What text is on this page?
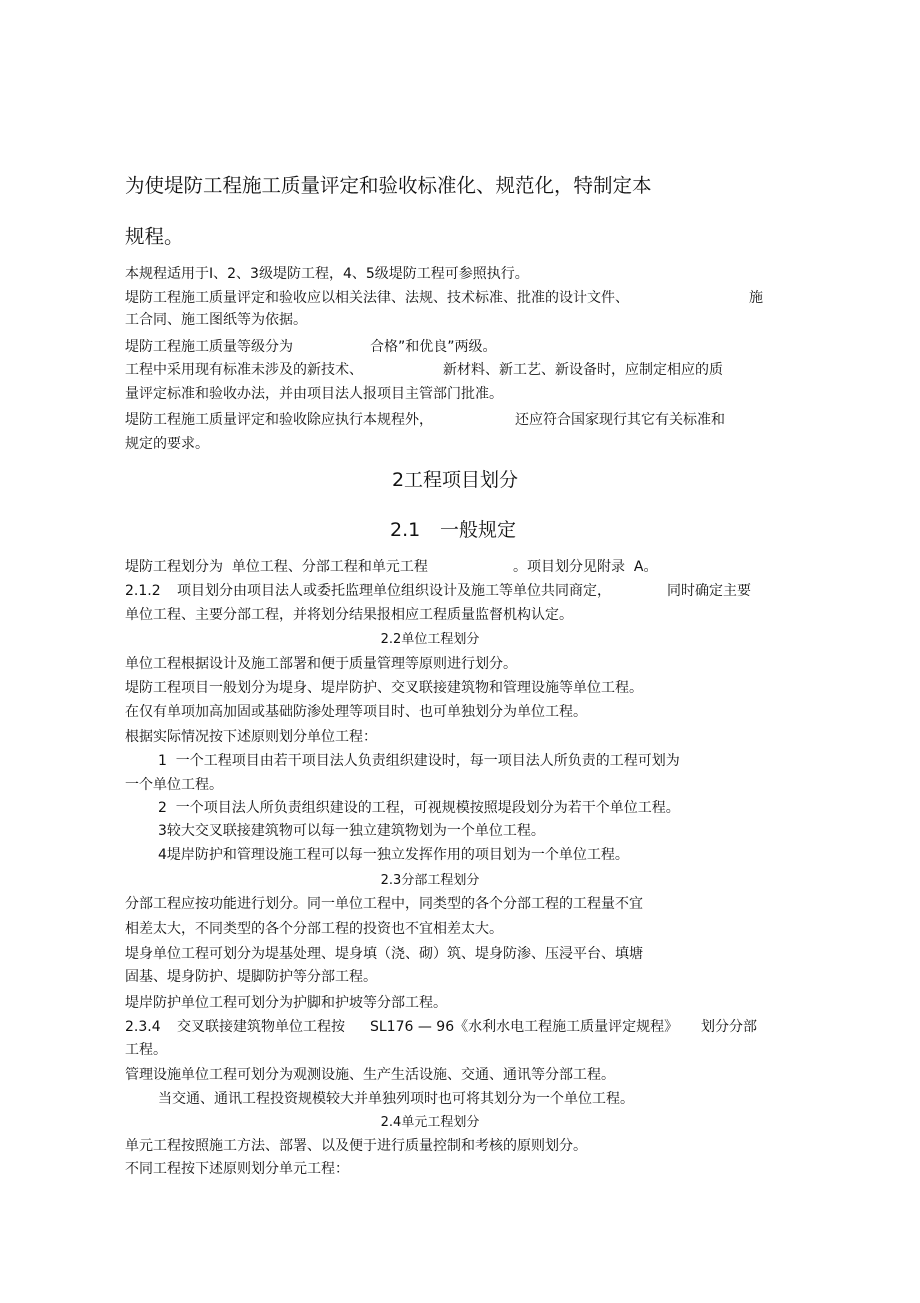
为使堤防工程施工质量评定和验收标准化、规范化，特制定本
规程。
本规程适用于I、2、3级堤防工程，4、5级堤防工程可参照执行。

堤防工程施工质量评定和验收应以相关法律、法规、技术标准、批准的设计文件、

	施

工合同、施工图纸等为依据。

堤防工程施工质量等级分为

	合格”和优良”两级。

工程中采用现有标准未涉及的新技术、

	新材料、新工艺、新设备时，应制定相应的质

量评定标准和验收办法，并由项目法人报项目主管部门批准。

堤防工程施工质量评定和验收除应执行本规程外，

	还应符合国家现行其它有关标准和

规定的要求。
2工程项目划分

2.1

一般规定

堤防工程划分为  单位工程、分部工程和单元工程

	。项目划分见附录  A。

2.1.2

项目划分由项目法人或委托监理单位组织设计及施工等单位共同商定，

	同时确定主要

单位工程、主要分部工程，并将划分结果报相应工程质量监督机构认定。
2.2单位工程划分
单位工程根据设计及施工部署和便于质量管理等原则进行划分。
堤防工程项目一般划分为堤身、堤岸防护、交叉联接建筑物和管理设施等单位工程。
在仅有单项加高加固或基础防渗处理等项目时、也可单独划分为单位工程。
根据实际情况按下述原则划分单位工程：
1  一个工程项目由若干项目法人负责组织建设时，每一项目法人所负责的工程可划为
一个单位工程。
2  一个项目法人所负责组织建设的工程，可视规模按照堤段划分为若干个单位工程。
3较大交叉联接建筑物可以每一独立建筑物划为一个单位工程。
4堤岸防护和管理设施工程可以每一独立发挥作用的项目划为一个单位工程。
2.3分部工程划分
分部工程应按功能进行划分。同一单位工程中，同类型的各个分部工程的工程量不宜
相差太大，不同类型的各个分部工程的投资也不宜相差太大。
堤身单位工程可划分为堤基处理、堤身填（浇、砌）筑、堤身防渗、压浸平台、填塘
固基、堤身防护、堤脚防护等分部工程。
堤岸防护单位工程可划分为护脚和护坡等分部工程。

2.3.4

交叉联接建筑物单位工程按

SL176 — 96《水利水电工程施工质量评定规程》

划分分部

工程。
管理设施单位工程可划分为观测设施、生产生活设施、交通、通讯等分部工程。
当交通、通讯工程投资规模较大并单独列项时也可将其划分为一个单位工程。
2.4单元工程划分
单元工程按照施工方法、部署、以及便于进行质量控制和考核的原则划分。
不同工程按下述原则划分单元工程：
